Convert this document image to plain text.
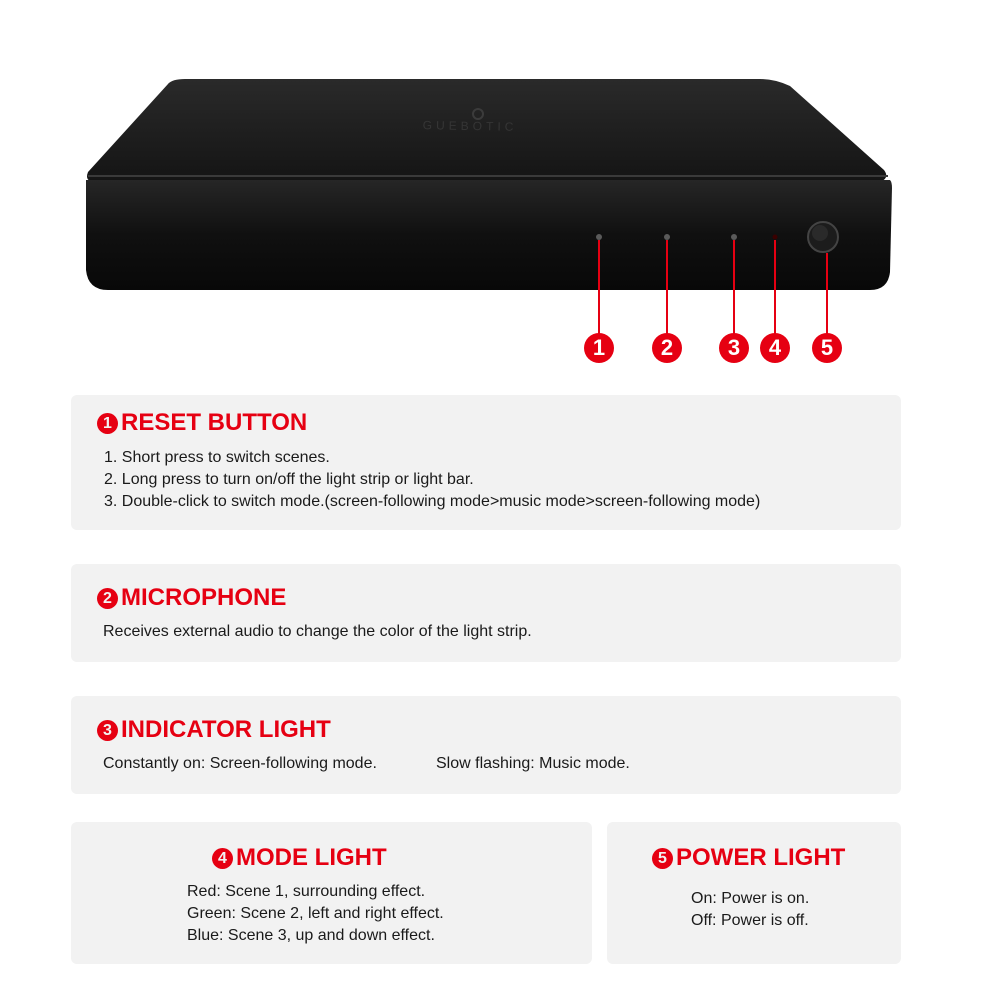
GUEBOTIC
1	2	3	4	5
1 RESET BUTTON
1. Short press to switch scenes.
2. Long press to turn on/off the light strip or light bar.
3. Double-click to switch mode.(screen-following mode>music mode>screen-following mode)
2 MICROPHONE
Receives external audio to change the color of the light strip.
3 INDICATOR LIGHT
Constantly on: Screen-following mode.	Slow flashing: Music mode.
4 MODE LIGHT
Red: Scene 1, surrounding effect.
Green: Scene 2, left and right effect.
Blue: Scene 3, up and down effect.
5 POWER LIGHT
On: Power is on.
Off: Power is off.
